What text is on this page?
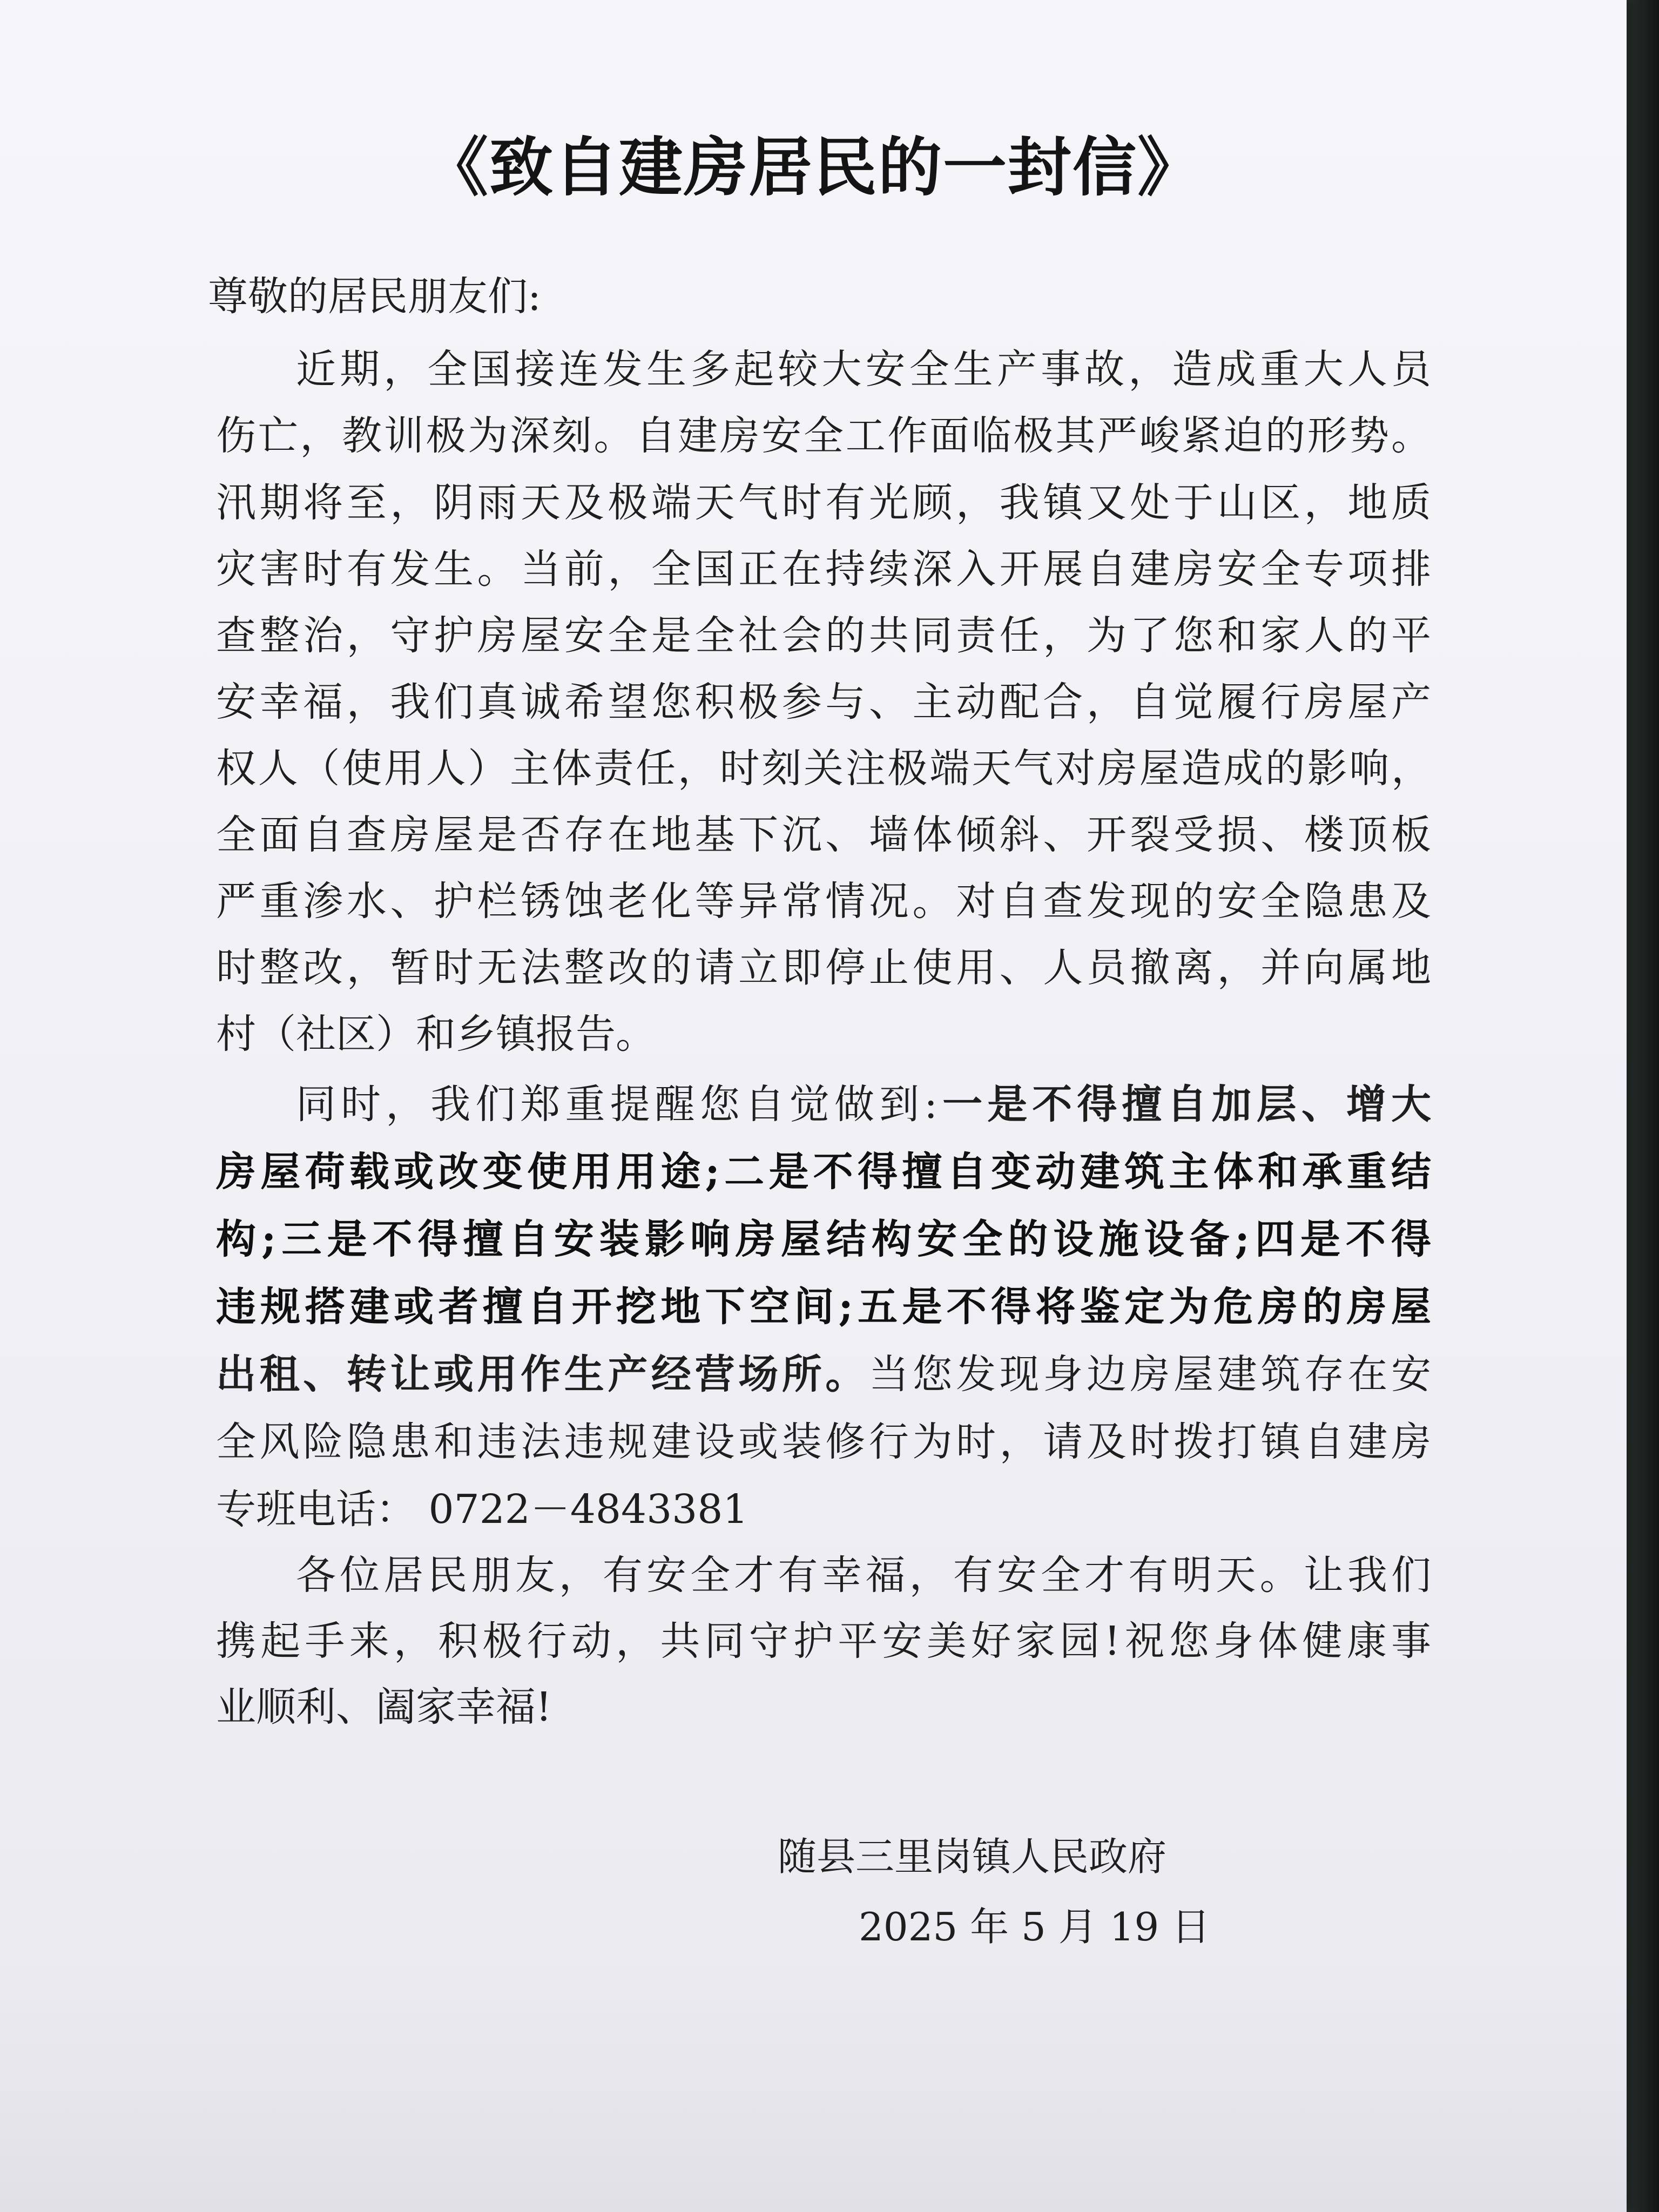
《致自建房居民的一封信》

尊敬的居民朋友们:

近期，全国接连发生多起较大安全生产事故，造成重大人员

伤亡，教训极为深刻。自建房安全工作面临极其严峻紧迫的形势。

汛期将至，阴雨天及极端天气时有光顾，我镇又处于山区，地质

灾害时有发生。当前，全国正在持续深入开展自建房安全专项排

查整治，守护房屋安全是全社会的共同责任，为了您和家人的平

安幸福，我们真诚希望您积极参与、主动配合，自觉履行房屋产

权人（使用人）主体责任，时刻关注极端天气对房屋造成的影响，

全面自查房屋是否存在地基下沉、墙体倾斜、开裂受损、楼顶板

严重渗水、护栏锈蚀老化等异常情况。对自查发现的安全隐患及

时整改，暂时无法整改的请立即停止使用、人员撤离，并向属地

村（社区）和乡镇报告。

同时，我们郑重提醒您自觉做到:一是不得擅自加层、增大

房屋荷载或改变使用用途;二是不得擅自变动建筑主体和承重结

构;三是不得擅自安装影响房屋结构安全的设施设备;四是不得

违规搭建或者擅自开挖地下空间;五是不得将鉴定为危房的房屋

出租、转让或用作生产经营场所。当您发现身边房屋建筑存在安

全风险隐患和违法违规建设或装修行为时，请及时拨打镇自建房

专班电话： 0722－4843381

各位居民朋友，有安全才有幸福，有安全才有明天。让我们

携起手来，积极行动，共同守护平安美好家园!祝您身体健康事

业顺利、阖家幸福!

随县三里岗镇人民政府

2025 年 5 月 19 日
